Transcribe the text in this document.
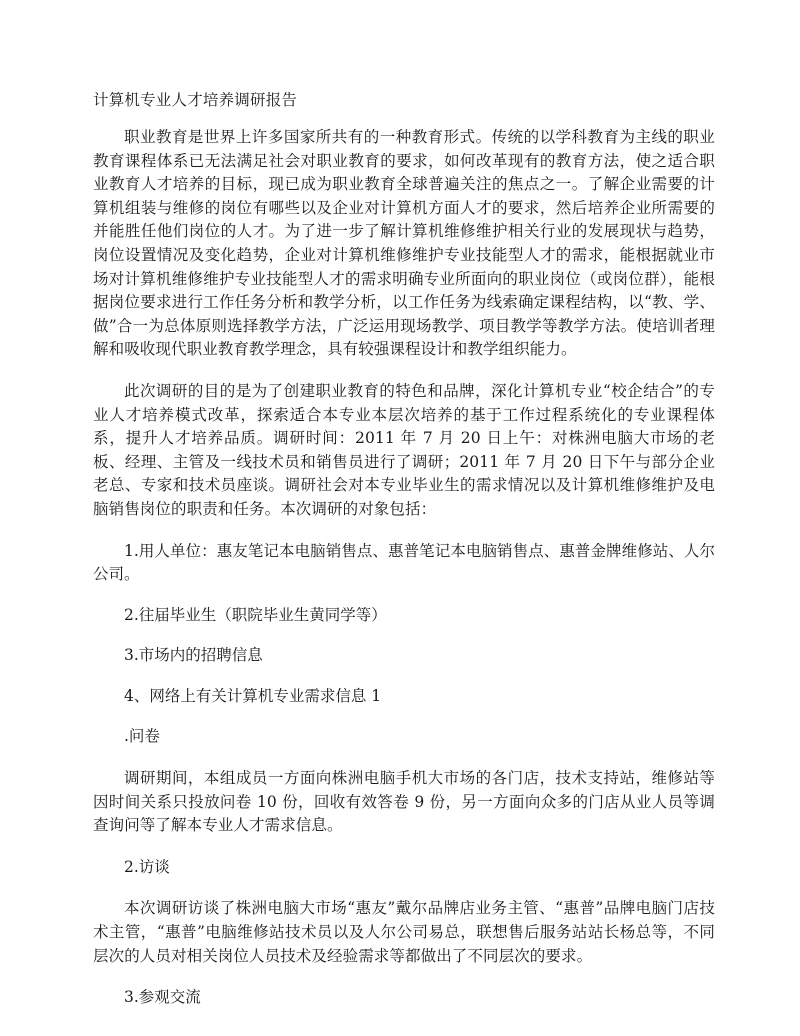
计算机专业人才培养调研报告

职业教育是世界上许多国家所共有的一种教育形式。传统的以学科教育为主线的职业教育课程体系已无法满足社会对职业教育的要求，如何改革现有的教育方法，使之适合职业教育人才培养的目标，现已成为职业教育全球普遍关注的焦点之一。了解企业需要的计算机组装与维修的岗位有哪些以及企业对计算机方面人才的要求，然后培养企业所需要的并能胜任他们岗位的人才。为了进一步了解计算机维修维护相关行业的发展现状与趋势，岗位设置情况及变化趋势，企业对计算机维修维护专业技能型人才的需求，能根据就业市场对计算机维修维护专业技能型人才的需求明确专业所面向的职业岗位（或岗位群），能根据岗位要求进行工作任务分析和教学分析，以工作任务为线索确定课程结构，以“教、学、做”合一为总体原则选择教学方法，广泛运用现场教学、项目教学等教学方法。使培训者理解和吸收现代职业教育教学理念，具有较强课程设计和教学组织能力。

此次调研的目的是为了创建职业教育的特色和品牌，深化计算机专业“校企结合”的专业人才培养模式改革，探索适合本专业本层次培养的基于工作过程系统化的专业课程体系，提升人才培养品质。调研时间：2011 年 7 月 20 日上午：对株洲电脑大市场的老板、经理、主管及一线技术员和销售员进行了调研；2011 年 7 月 20 日下午与部分企业老总、专家和技术员座谈。调研社会对本专业毕业生的需求情况以及计算机维修维护及电脑销售岗位的职责和任务。本次调研的对象包括：

1.用人单位：惠友笔记本电脑销售点、惠普笔记本电脑销售点、惠普金牌维修站、人尔公司。

2.往届毕业生（职院毕业生黄同学等）

3.市场内的招聘信息

4、网络上有关计算机专业需求信息 1

.问卷

调研期间，本组成员一方面向株洲电脑手机大市场的各门店，技术支持站，维修站等因时间关系只投放问卷 10 份，回收有效答卷 9 份，另一方面向众多的门店从业人员等调查询问等了解本专业人才需求信息。

2.访谈

本次调研访谈了株洲电脑大市场“惠友”戴尔品牌店业务主管、“惠普”品牌电脑门店技术主管，“惠普”电脑维修站技术员以及人尔公司易总，联想售后服务站站长杨总等，不同层次的人员对相关岗位人员技术及经验需求等都做出了不同层次的要求。

3.参观交流
